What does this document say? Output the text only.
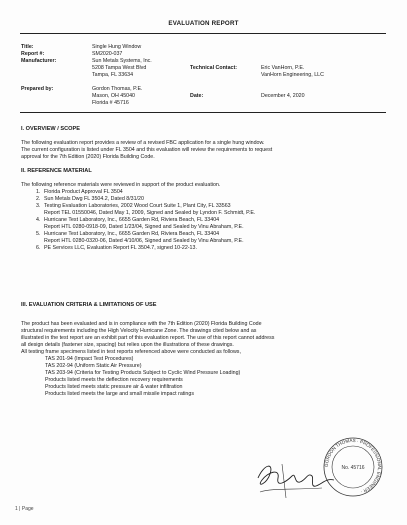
EVALUATION REPORT
Title:	Single Hung Window
Report #:	SM2020-037
Manufacturer:	Sun Metals Systems, Inc.
5208 Tampa West Blvd
Tampa, FL 33634
Technical Contact:	Eric VanHorn, P.E.
VanHorn Engineering, LLC
Prepared by:	Gordon Thomas, P.E.
Mason, OH 45040
Florida # 45716
Date:	December 4, 2020
I. OVERVIEW / SCOPE
The following evaluation report provides a review of a revised FBC application for a single hung window.
The current configuration is listed under FL 3504 and this evaluation will review the requirements to request
approval for the 7th Edition (2020) Florida Building Code.
II. REFERENCE MATERIAL
The following reference materials were reviewed in support of the product evaluation.
1. Florida Product Approval FL 3504
2. Sun Metals Dwg FL 3504.2, Dated 8/31/20
3. Testing Evaluation Laboratories, 2002 Wood Court Suite 1, Plant City, FL 33563
Report TEL 01550046, Dated May 1, 2009, Signed and Sealed by Lyndon F. Schmidt, P.E.
4. Hurricane Test Laboratory, Inc., 6655 Garden Rd, Riviera Beach, FL 33404
Report HTL 0280-0918-09, Dated 1/23/04, Signed and Sealed by Vinu Abraham, P.E.
5. Hurricane Test Laboratory, Inc., 6655 Garden Rd, Riviera Beach, FL 33404
Report HTL 0280-0320-06, Dated 4/10/06, Signed and Sealed by Vinu Abraham, P.E.
6. PE Services LLC, Evaluation Report FL 3504.7, signed 10-22-13.
III. EVALUATION CRITERIA & LIMITATIONS OF USE
The product has been evaluated and is in compliance with the 7th Edition (2020) Florida Building Code
structural requirements including the High Velocity Hurricane Zone. The drawings cited below and as
illustrated in the test report are an exhibit part of this evaluation report. The use of this report cannot address
all design details (fastener size, spacing) but relies upon the illustrations of these drawings.
All testing frame specimens listed in test reports referenced above were conducted as follows,
TAS 201-94 (Impact Test Procedures)
TAS 202-94 (Uniform Static Air Pressure)
TAS 203-94 (Criteria for Testing Products Subject to Cyclic Wind Pressure Loading)
Products listed meets the deflection recovery requirements
Products listed meets static pressure air & water infiltration
Products listed meets the large and small missile impact ratings
GORDON THOMAS · PROFESSIONAL ENGINEER ·
No. 45716
1 | Page
